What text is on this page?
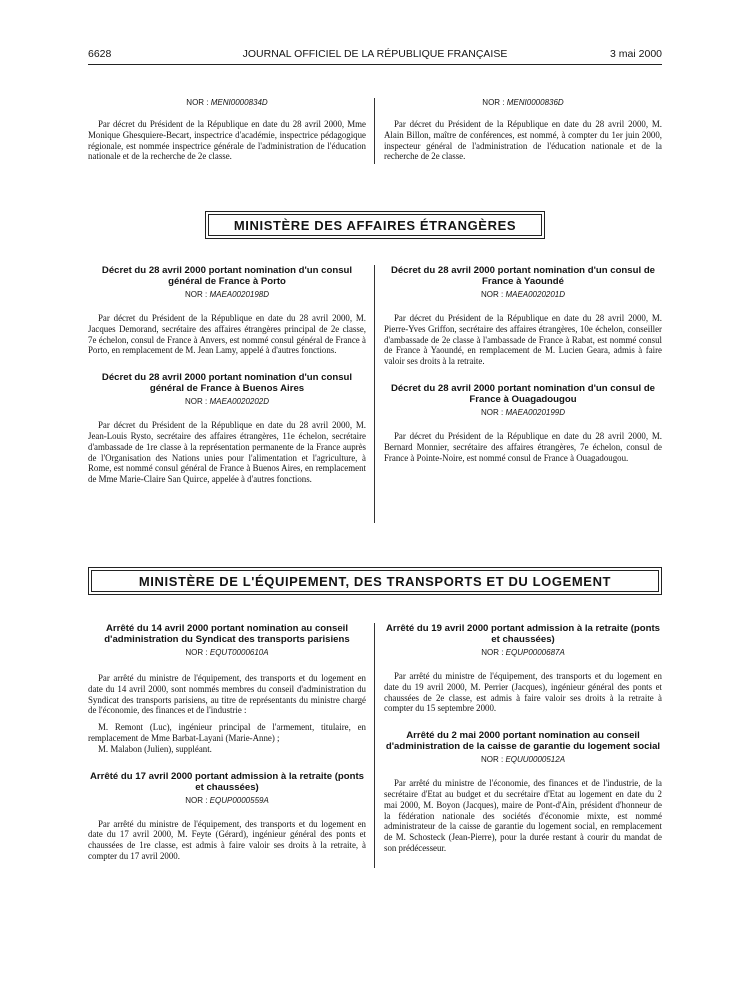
6628	JOURNAL OFFICIEL DE LA RÉPUBLIQUE FRANÇAISE	3 mai 2000

NOR : MENI0000834D

Par décret du Président de la République en date du 28 avril 2000, Mme Monique Ghesquiere-Becart, inspectrice d'académie, inspectrice pédagogique régionale, est nommée inspectrice générale de l'administration de l'éducation nationale et de la recherche de 2e classe.

NOR : MENI0000836D

Par décret du Président de la République en date du 28 avril 2000, M. Alain Billon, maître de conférences, est nommé, à compter du 1er juin 2000, inspecteur général de l'administration de l'éducation nationale et de la recherche de 2e classe.

MINISTÈRE DES AFFAIRES ÉTRANGÈRES

Décret du 28 avril 2000 portant nomination d'un consul général de France à Porto

NOR : MAEA0020198D

Par décret du Président de la République en date du 28 avril 2000, M. Jacques Demorand, secrétaire des affaires étrangères principal de 2e classe, 7e échelon, consul de France à Anvers, est nommé consul général de France à Porto, en remplacement de M. Jean Lamy, appelé à d'autres fonctions.

Décret du 28 avril 2000 portant nomination d'un consul général de France à Buenos Aires

NOR : MAEA0020202D

Par décret du Président de la République en date du 28 avril 2000, M. Jean-Louis Rysto, secrétaire des affaires étrangères, 11e échelon, secrétaire d'ambassade de 1re classe à la représentation permanente de la France auprès de l'Organisation des Nations unies pour l'alimentation et l'agriculture, à Rome, est nommé consul général de France à Buenos Aires, en remplacement de Mme Marie-Claire San Quirce, appelée à d'autres fonctions.

Décret du 28 avril 2000 portant nomination d'un consul de France à Yaoundé

NOR : MAEA0020201D

Par décret du Président de la République en date du 28 avril 2000, M. Pierre-Yves Griffon, secrétaire des affaires étrangères, 10e échelon, conseiller d'ambassade de 2e classe à l'ambassade de France à Rabat, est nommé consul de France à Yaoundé, en remplacement de M. Lucien Geara, admis à faire valoir ses droits à la retraite.

Décret du 28 avril 2000 portant nomination d'un consul de France à Ouagadougou

NOR : MAEA0020199D

Par décret du Président de la République en date du 28 avril 2000, M. Bernard Monnier, secrétaire des affaires étrangères, 7e échelon, consul de France à Pointe-Noire, est nommé consul de France à Ouagadougou.

MINISTÈRE DE L'ÉQUIPEMENT, DES TRANSPORTS ET DU LOGEMENT

Arrêté du 14 avril 2000 portant nomination au conseil d'administration du Syndicat des transports parisiens

NOR : EQUT0000610A

Par arrêté du ministre de l'équipement, des transports et du logement en date du 14 avril 2000, sont nommés membres du conseil d'administration du Syndicat des transports parisiens, au titre de représentants du ministre chargé de l'économie, des finances et de l'industrie :

M. Remont (Luc), ingénieur principal de l'armement, titulaire, en remplacement de Mme Barbat-Layani (Marie-Anne) ;

M. Malabon (Julien), suppléant.

Arrêté du 17 avril 2000 portant admission à la retraite (ponts et chaussées)

NOR : EQUP0000559A

Par arrêté du ministre de l'équipement, des transports et du logement en date du 17 avril 2000, M. Feyte (Gérard), ingénieur général des ponts et chaussées de 1re classe, est admis à faire valoir ses droits à la retraite, à compter du 17 avril 2000.

Arrêté du 19 avril 2000 portant admission à la retraite (ponts et chaussées)

NOR : EQUP0000687A

Par arrêté du ministre de l'équipement, des transports et du logement en date du 19 avril 2000, M. Perrier (Jacques), ingénieur général des ponts et chaussées de 2e classe, est admis à faire valoir ses droits à la retraite à compter du 15 septembre 2000.

Arrêté du 2 mai 2000 portant nomination au conseil d'administration de la caisse de garantie du logement social

NOR : EQUU0000512A

Par arrêté du ministre de l'économie, des finances et de l'industrie, de la secrétaire d'Etat au budget et du secrétaire d'Etat au logement en date du 2 mai 2000, M. Boyon (Jacques), maire de Pont-d'Ain, président d'honneur de la fédération nationale des sociétés d'économie mixte, est nommé administrateur de la caisse de garantie du logement social, en remplacement de M. Schosteck (Jean-Pierre), pour la durée restant à courir du mandat de son prédécesseur.
